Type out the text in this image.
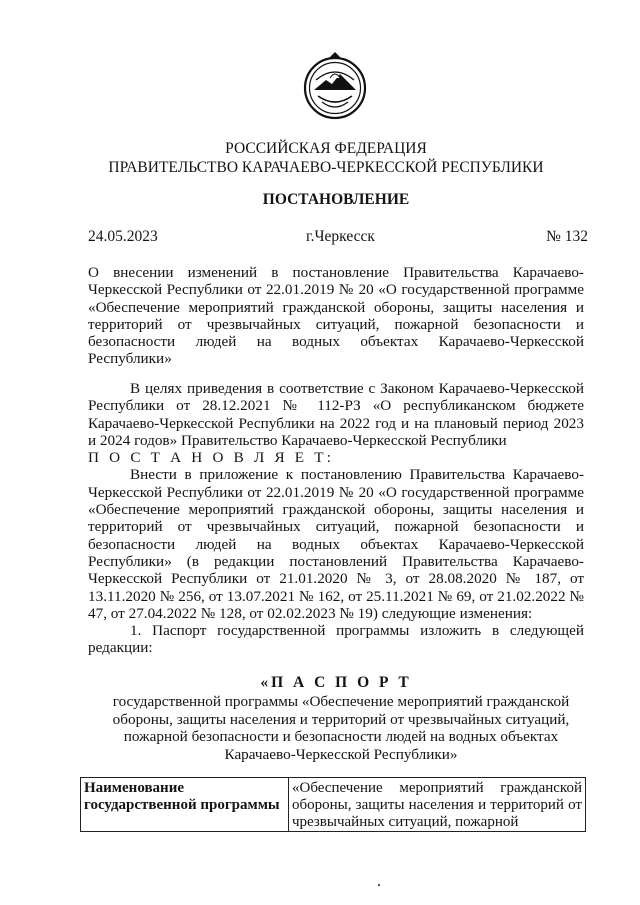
РОССИЙСКАЯ ФЕДЕРАЦИЯ
ПРАВИТЕЛЬСТВО КАРАЧАЕВО-ЧЕРКЕССКОЙ РЕСПУБЛИКИ
ПОСТАНОВЛЕНИЕ
24.05.2023	г.Черкесск	№ 132

О внесении изменений в постановление Правительства Карачаево-Черкесской Республики от 22.01.2019 № 20 «О государственной программе «Обеспечение мероприятий гражданской обороны, защиты населения и территорий от чрезвычайных ситуаций, пожарной безопасности и безопасности людей на водных объектах Карачаево-Черкесской Республики»

В целях приведения в соответствие с Законом Карачаево-Черкесской Республики от 28.12.2021 № 112-РЗ «О республиканском бюджете Карачаево-Черкесской Республики на 2022 год и на плановый период 2023 и 2024 годов» Правительство Карачаево-Черкесской Республики

П О С Т А Н О В Л Я Е Т:

Внести в приложение к постановлению Правительства Карачаево-Черкесской Республики от 22.01.2019 № 20 «О государственной программе «Обеспечение мероприятий гражданской обороны, защиты населения и территорий от чрезвычайных ситуаций, пожарной безопасности и безопасности людей на водных объектах Карачаево-Черкесской Республики» (в редакции постановлений Правительства Карачаево-Черкесской Республики от 21.01.2020 № 3, от 28.08.2020 № 187, от 13.11.2020 № 256, от 13.07.2021 № 162, от 25.11.2021 № 69, от 21.02.2022 № 47, от 27.04.2022 № 128, от 02.02.2023 № 19) следующие изменения:

1. Паспорт государственной программы изложить в следующей редакции:

«П А С П О Р Т
государственной программы «Обеспечение мероприятий гражданской
обороны, защиты населения и территорий от чрезвычайных ситуаций,
пожарной безопасности и безопасности людей на водных объектах
Карачаево-Черкесской Республики»
Наименование государственной программы	«Обеспечение мероприятий гражданской обороны, защиты населения и территорий от чрезвычайных ситуаций, пожарной
